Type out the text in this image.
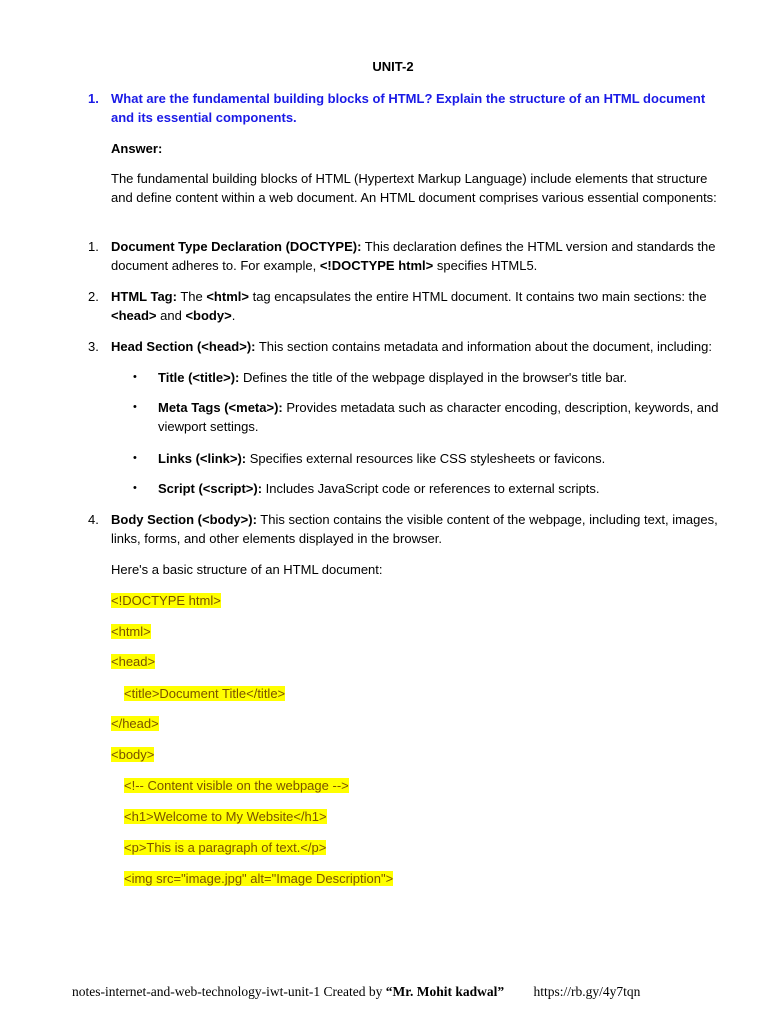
UNIT-2
1. What are the fundamental building blocks of HTML? Explain the structure of an HTML document and its essential components.
Answer:
The fundamental building blocks of HTML (Hypertext Markup Language) include elements that structure and define content within a web document. An HTML document comprises various essential components:
1. Document Type Declaration (DOCTYPE): This declaration defines the HTML version and standards the document adheres to. For example, <!DOCTYPE html> specifies HTML5.
2. HTML Tag: The <html> tag encapsulates the entire HTML document. It contains two main sections: the <head> and <body>.
3. Head Section (<head>): This section contains metadata and information about the document, including:
•	Title (<title>): Defines the title of the webpage displayed in the browser's title bar.
•	Meta Tags (<meta>): Provides metadata such as character encoding, description, keywords, and viewport settings.
•	Links (<link>): Specifies external resources like CSS stylesheets or favicons.
•	Script (<script>): Includes JavaScript code or references to external scripts.
4. Body Section (<body>): This section contains the visible content of the webpage, including text, images, links, forms, and other elements displayed in the browser.
Here's a basic structure of an HTML document:
<!DOCTYPE html>
<html>
<head>
<title>Document Title</title>
</head>
<body>
<!-- Content visible on the webpage -->
<h1>Welcome to My Website</h1>
<p>This is a paragraph of text.</p>
<img src="image.jpg" alt="Image Description">
notes-internet-and-web-technology-iwt-unit-1 Created by “Mr. Mohit kadwal” https://rb.gy/4y7tqn
